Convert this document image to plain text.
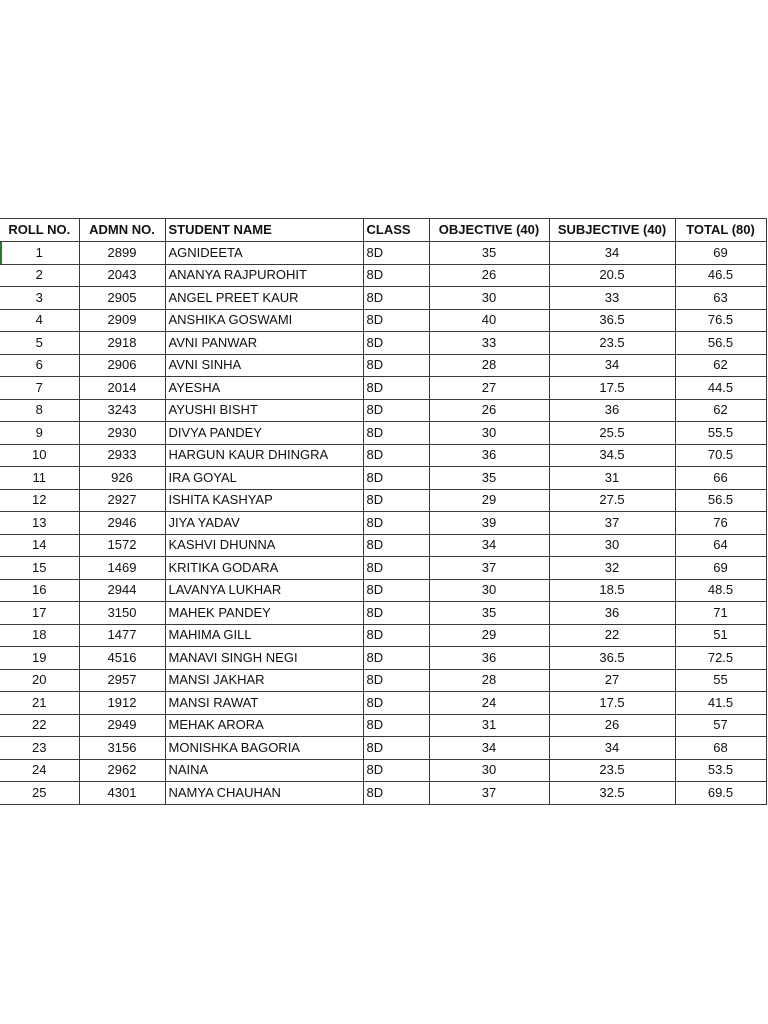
ROLL NO.	ADMN NO.	STUDENT NAME	CLASS	OBJECTIVE (40)	SUBJECTIVE (40)	TOTAL (80)
1	2899	AGNIDEETA	8D	35	34	69
2	2043	ANANYA RAJPUROHIT	8D	26	20.5	46.5
3	2905	ANGEL PREET KAUR	8D	30	33	63
4	2909	ANSHIKA GOSWAMI	8D	40	36.5	76.5
5	2918	AVNI PANWAR	8D	33	23.5	56.5
6	2906	AVNI SINHA	8D	28	34	62
7	2014	AYESHA	8D	27	17.5	44.5
8	3243	AYUSHI BISHT	8D	26	36	62
9	2930	DIVYA PANDEY	8D	30	25.5	55.5
10	2933	HARGUN KAUR DHINGRA	8D	36	34.5	70.5
11	926	IRA GOYAL	8D	35	31	66
12	2927	ISHITA KASHYAP	8D	29	27.5	56.5
13	2946	JIYA YADAV	8D	39	37	76
14	1572	KASHVI DHUNNA	8D	34	30	64
15	1469	KRITIKA GODARA	8D	37	32	69
16	2944	LAVANYA LUKHAR	8D	30	18.5	48.5
17	3150	MAHEK PANDEY	8D	35	36	71
18	1477	MAHIMA GILL	8D	29	22	51
19	4516	MANAVI SINGH NEGI	8D	36	36.5	72.5
20	2957	MANSI JAKHAR	8D	28	27	55
21	1912	MANSI RAWAT	8D	24	17.5	41.5
22	2949	MEHAK ARORA	8D	31	26	57
23	3156	MONISHKA BAGORIA	8D	34	34	68
24	2962	NAINA	8D	30	23.5	53.5
25	4301	NAMYA CHAUHAN	8D	37	32.5	69.5
